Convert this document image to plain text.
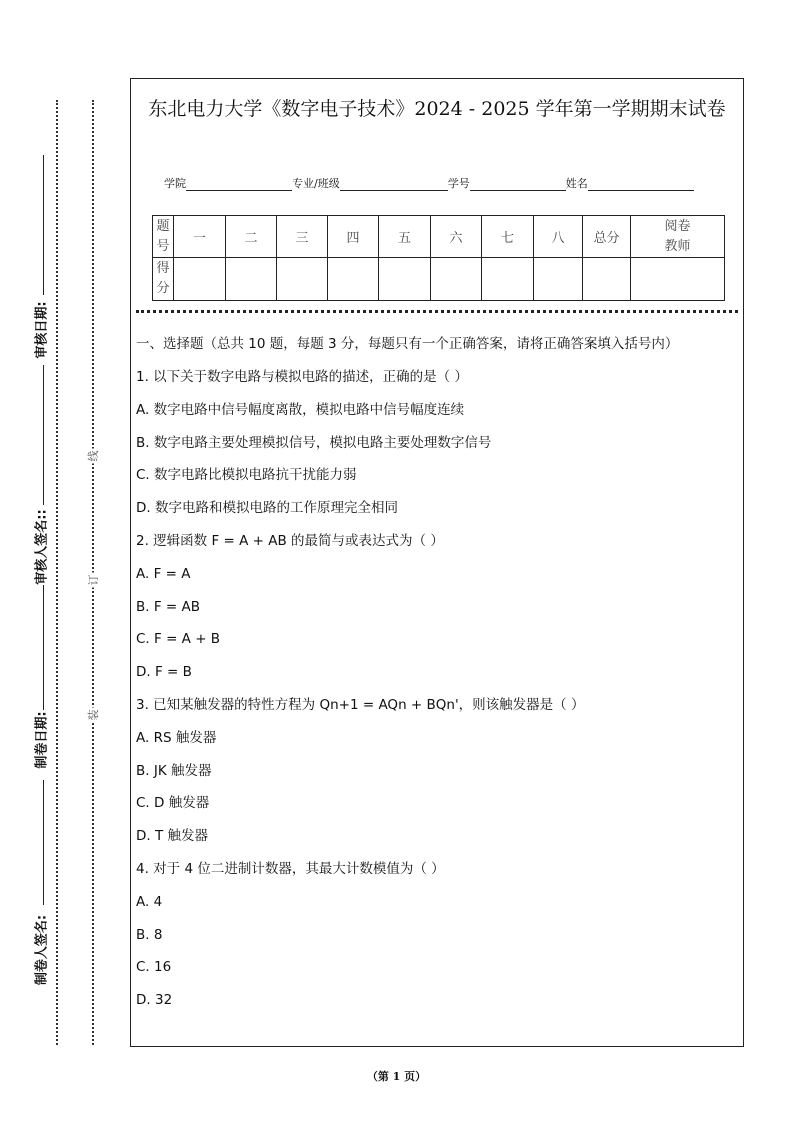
审核日期:
审核人签名::
制卷日期:
制卷人签名:
线
订
装
东北电力大学《数字电子技术》2024 - 2025 学年第一学期期末试卷
学院	专业/班级	学号	姓名
题号	一	二	三	四	五	六	七	八	总分	阅卷教师
得分										
一、选择题（总共 10 题，每题 3 分，每题只有一个正确答案，请将正确答案填入括号内）
1. 以下关于数字电路与模拟电路的描述，正确的是（ ）
A. 数字电路中信号幅度离散，模拟电路中信号幅度连续
B. 数字电路主要处理模拟信号，模拟电路主要处理数字信号
C. 数字电路比模拟电路抗干扰能力弱
D. 数字电路和模拟电路的工作原理完全相同
2. 逻辑函数 F = A + AB 的最简与或表达式为（ ）
A. F = A
B. F = AB
C. F = A + B
D. F = B
3. 已知某触发器的特性方程为 Qn+1 = AQn + BQn'，则该触发器是（ ）
A. RS 触发器
B. JK 触发器
C. D 触发器
D. T 触发器
4. 对于 4 位二进制计数器，其最大计数模值为（ ）
A. 4
B. 8
C. 16
D. 32
（第 1 页）
